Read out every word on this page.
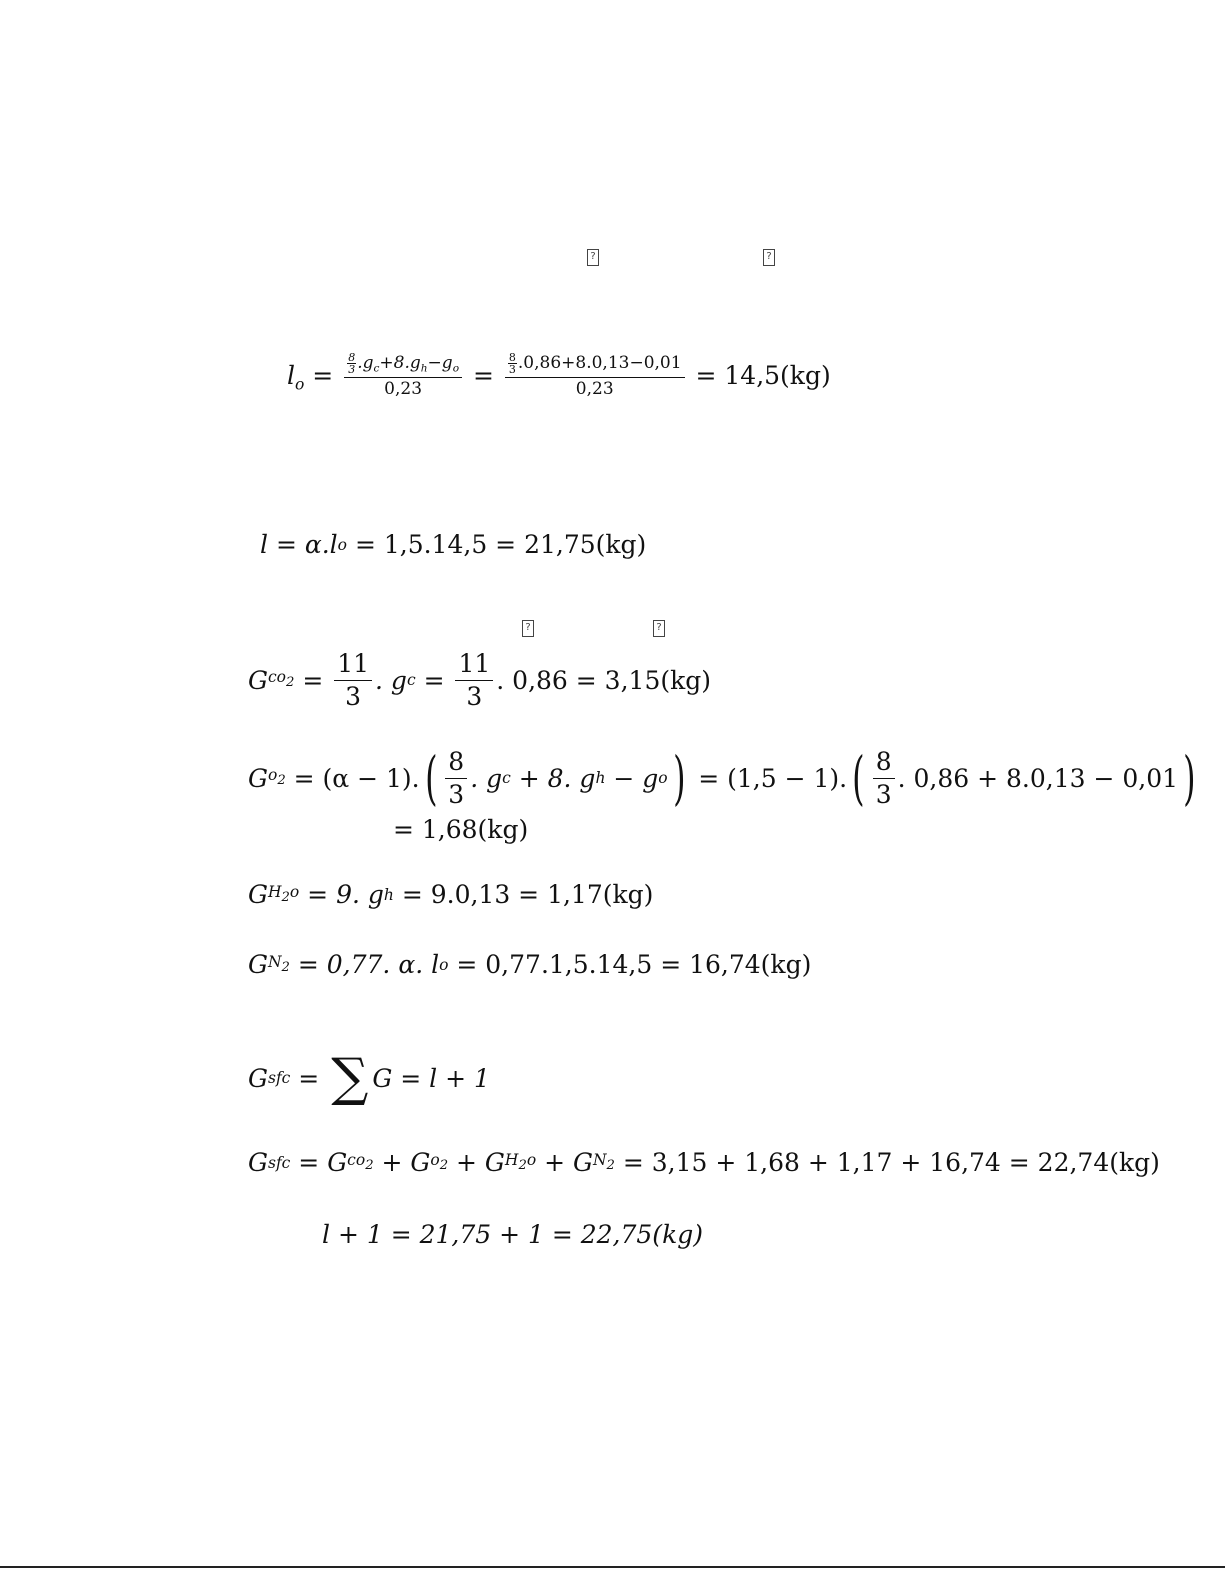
?	?
?	?
$l_o = \frac{\frac{8}{3} .g_c+8.g_h-g_o}{0,23} = \frac{\frac{8}{3} .0,86+8.0,13-0,01}{0,23}$
= 14,5(kg)
l = α.l o = 1,5.14,5 = 21,75(kg)
G $co_2 = \frac{11}{3}$ . g $c = \frac{11}{3}$ . 0,86 = 3,15(kg)
G $o_2$
= (α − 1). ( $\frac{8}{3}$ . g c + 8. g h − g o ) = (1,5 − 1). ( $\frac{8}{3}$ . 0,86 + 8.0,13 − 0,01 )
= 1,68(kg)
G $H_2o = 9$. g h = 9.0,13 = 1,17(kg)
G $N_2 = 0,77$. α. l o = 0,77.1,5.14,5 = 16,74(kg)
G sfc = ∑ G = l + 1
G sfc = G $co_2 + G$ $o_2 + G$ $H_2o + G$ $N_2 = 3,15 + 1,68 + 1,17 + 16,74 = 22,74(kg)$
l + 1 = 21,75 + 1 = 22,75(kg)
